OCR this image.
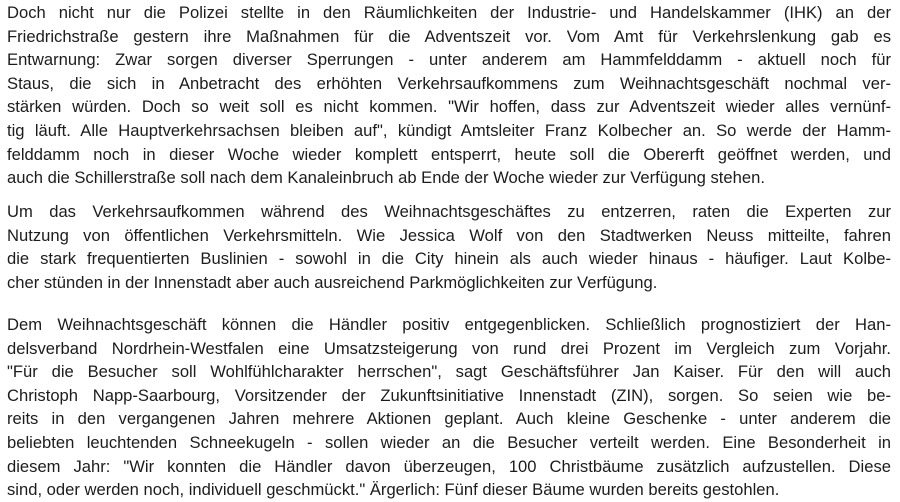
Doch nicht nur die Polizei stellte in den Räumlichkeiten der Industrie- und Handelskammer (IHK) an der
Friedrichstraße gestern ihre Maßnahmen für die Adventszeit vor. Vom Amt für Verkehrslenkung gab es
Entwarnung: Zwar sorgen diverser Sperrungen - unter anderem am Hammfelddamm - aktuell noch für
Staus, die sich in Anbetracht des erhöhten Verkehrsaufkommens zum Weihnachtsgeschäft nochmal ver-
stärken würden. Doch so weit soll es nicht kommen. "Wir hoffen, dass zur Adventszeit wieder alles vernünf-
tig läuft. Alle Hauptverkehrsachsen bleiben auf", kündigt Amtsleiter Franz Kolbecher an. So werde der Hamm-
felddamm noch in dieser Woche wieder komplett entsperrt, heute soll die Obererft geöffnet werden, und
auch die Schillerstraße soll nach dem Kanaleinbruch ab Ende der Woche wieder zur Verfügung stehen.

Um das Verkehrsaufkommen während des Weihnachtsgeschäftes zu entzerren, raten die Experten zur
Nutzung von öffentlichen Verkehrsmitteln. Wie Jessica Wolf von den Stadtwerken Neuss mitteilte, fahren
die stark frequentierten Buslinien - sowohl in die City hinein als auch wieder hinaus - häufiger. Laut Kolbe-
cher stünden in der Innenstadt aber auch ausreichend Parkmöglichkeiten zur Verfügung.

Dem Weihnachtsgeschäft können die Händler positiv entgegenblicken. Schließlich prognostiziert der Han-
delsverband Nordrhein-Westfalen eine Umsatzsteigerung von rund drei Prozent im Vergleich zum Vorjahr.
"Für die Besucher soll Wohlfühlcharakter herrschen", sagt Geschäftsführer Jan Kaiser. Für den will auch
Christoph Napp-Saarbourg, Vorsitzender der Zukunftsinitiative Innenstadt (ZIN), sorgen. So seien wie be-
reits in den vergangenen Jahren mehrere Aktionen geplant. Auch kleine Geschenke - unter anderem die
beliebten leuchtenden Schneekugeln - sollen wieder an die Besucher verteilt werden. Eine Besonderheit in
diesem Jahr: "Wir konnten die Händler davon überzeugen, 100 Christbäume zusätzlich aufzustellen. Diese
sind, oder werden noch, individuell geschmückt." Ärgerlich: Fünf dieser Bäume wurden bereits gestohlen.
